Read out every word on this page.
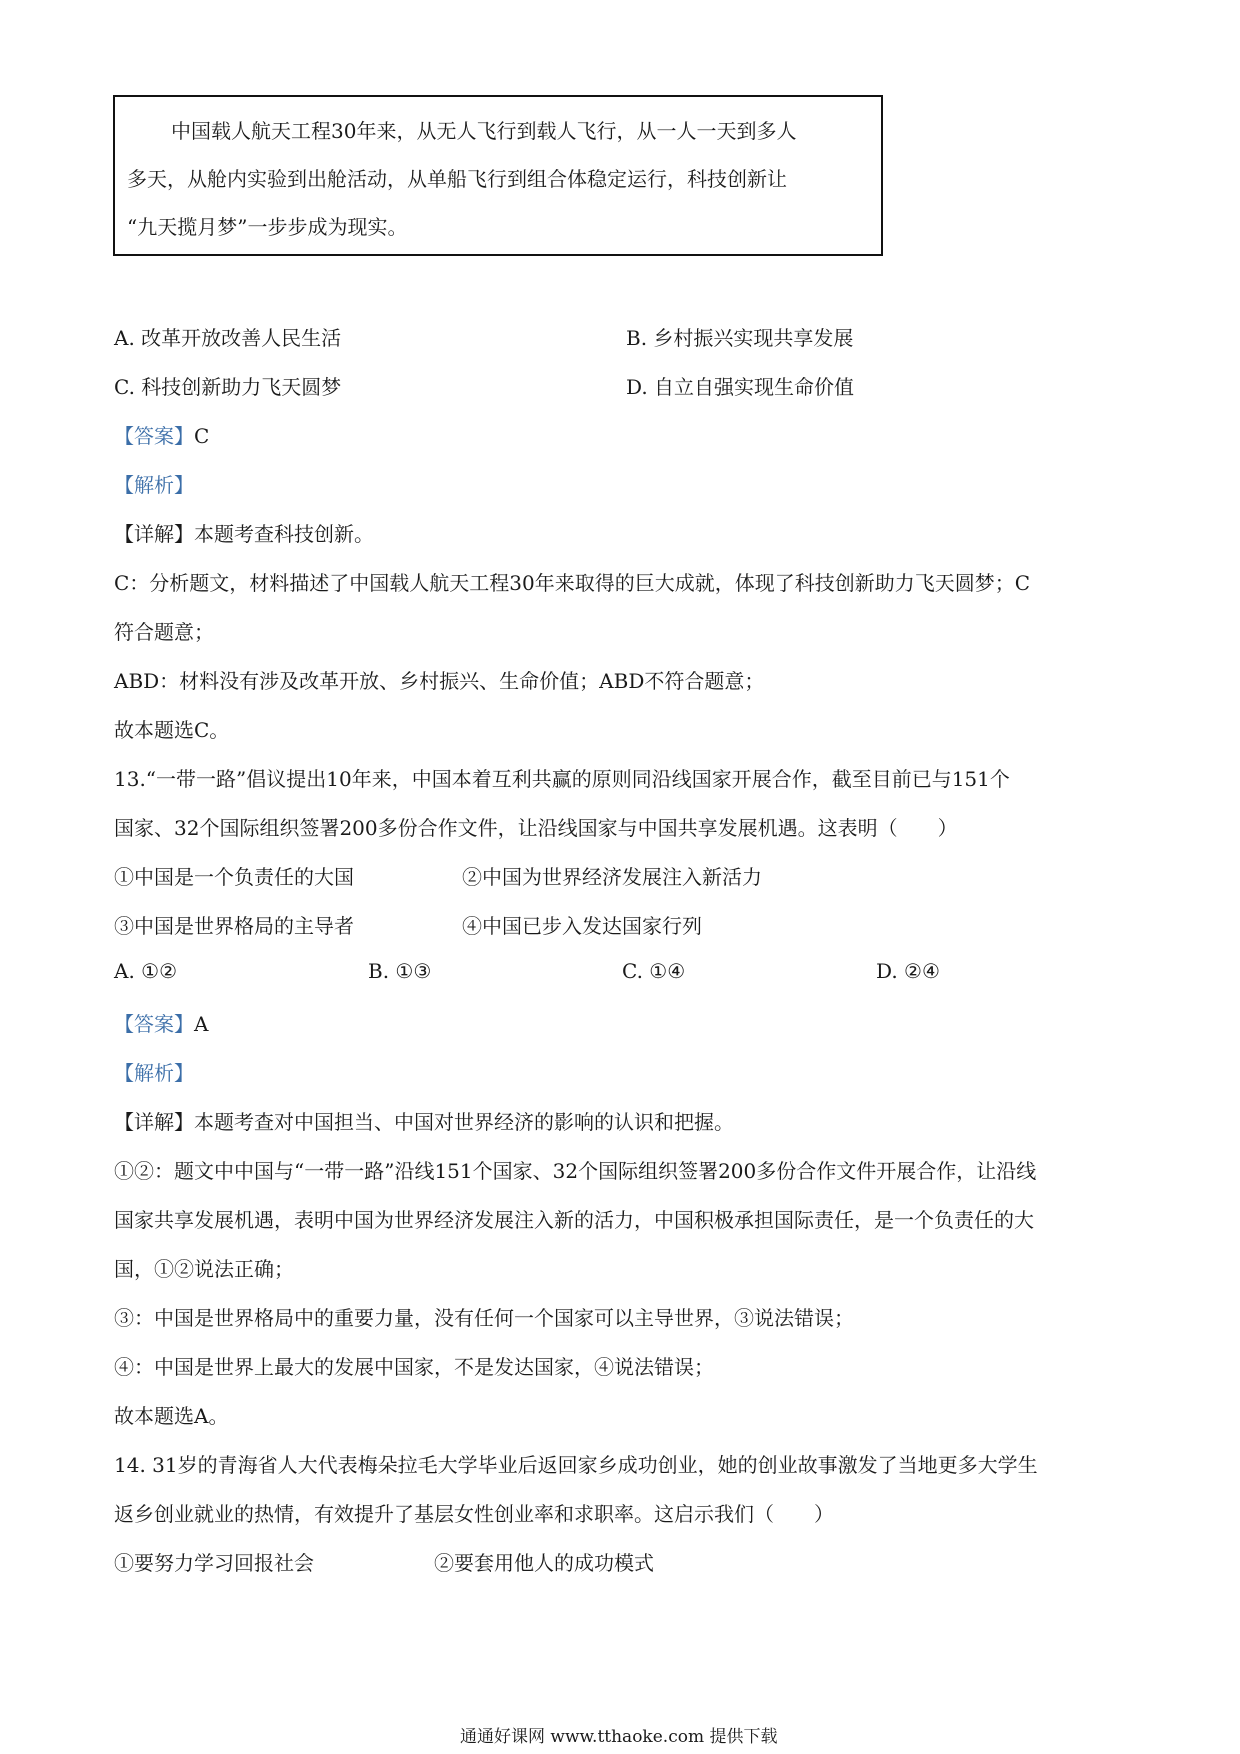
中国载人航天工程30年来，从无人飞行到载人飞行，从一人一天到多人
多天，从舱内实验到出舱活动，从单船飞行到组合体稳定运行，科技创新让
“九天揽月梦”一步步成为现实。
A. 改革开放改善人民生活	B. 乡村振兴实现共享发展
C. 科技创新助力飞天圆梦	D. 自立自强实现生命价值
【答案】C
【解析】
【详解】本题考查科技创新。
C：分析题文，材料描述了中国载人航天工程30年来取得的巨大成就，体现了科技创新助力飞天圆梦；C
符合题意；
ABD：材料没有涉及改革开放、乡村振兴、生命价值；ABD不符合题意；
故本题选C。
13.“一带一路”倡议提出10年来，中国本着互利共赢的原则同沿线国家开展合作，截至目前已与151个
国家、32个国际组织签署200多份合作文件，让沿线国家与中国共享发展机遇。这表明（　　）
①中国是一个负责任的大国	②中国为世界经济发展注入新活力
③中国是世界格局的主导者	④中国已步入发达国家行列
A. ①②	B. ①③	C. ①④	D. ②④
【答案】A
【解析】
【详解】本题考查对中国担当、中国对世界经济的影响的认识和把握。
①②：题文中中国与“一带一路”沿线151个国家、32个国际组织签署200多份合作文件开展合作，让沿线
国家共享发展机遇，表明中国为世界经济发展注入新的活力，中国积极承担国际责任，是一个负责任的大
国，①②说法正确；
③：中国是世界格局中的重要力量，没有任何一个国家可以主导世界，③说法错误；
④：中国是世界上最大的发展中国家，不是发达国家，④说法错误；
故本题选A。
14. 31岁的青海省人大代表梅朵拉毛大学毕业后返回家乡成功创业，她的创业故事激发了当地更多大学生
返乡创业就业的热情，有效提升了基层女性创业率和求职率。这启示我们（　　）
①要努力学习回报社会	②要套用他人的成功模式
通通好课网 www.tthaoke.com 提供下载
